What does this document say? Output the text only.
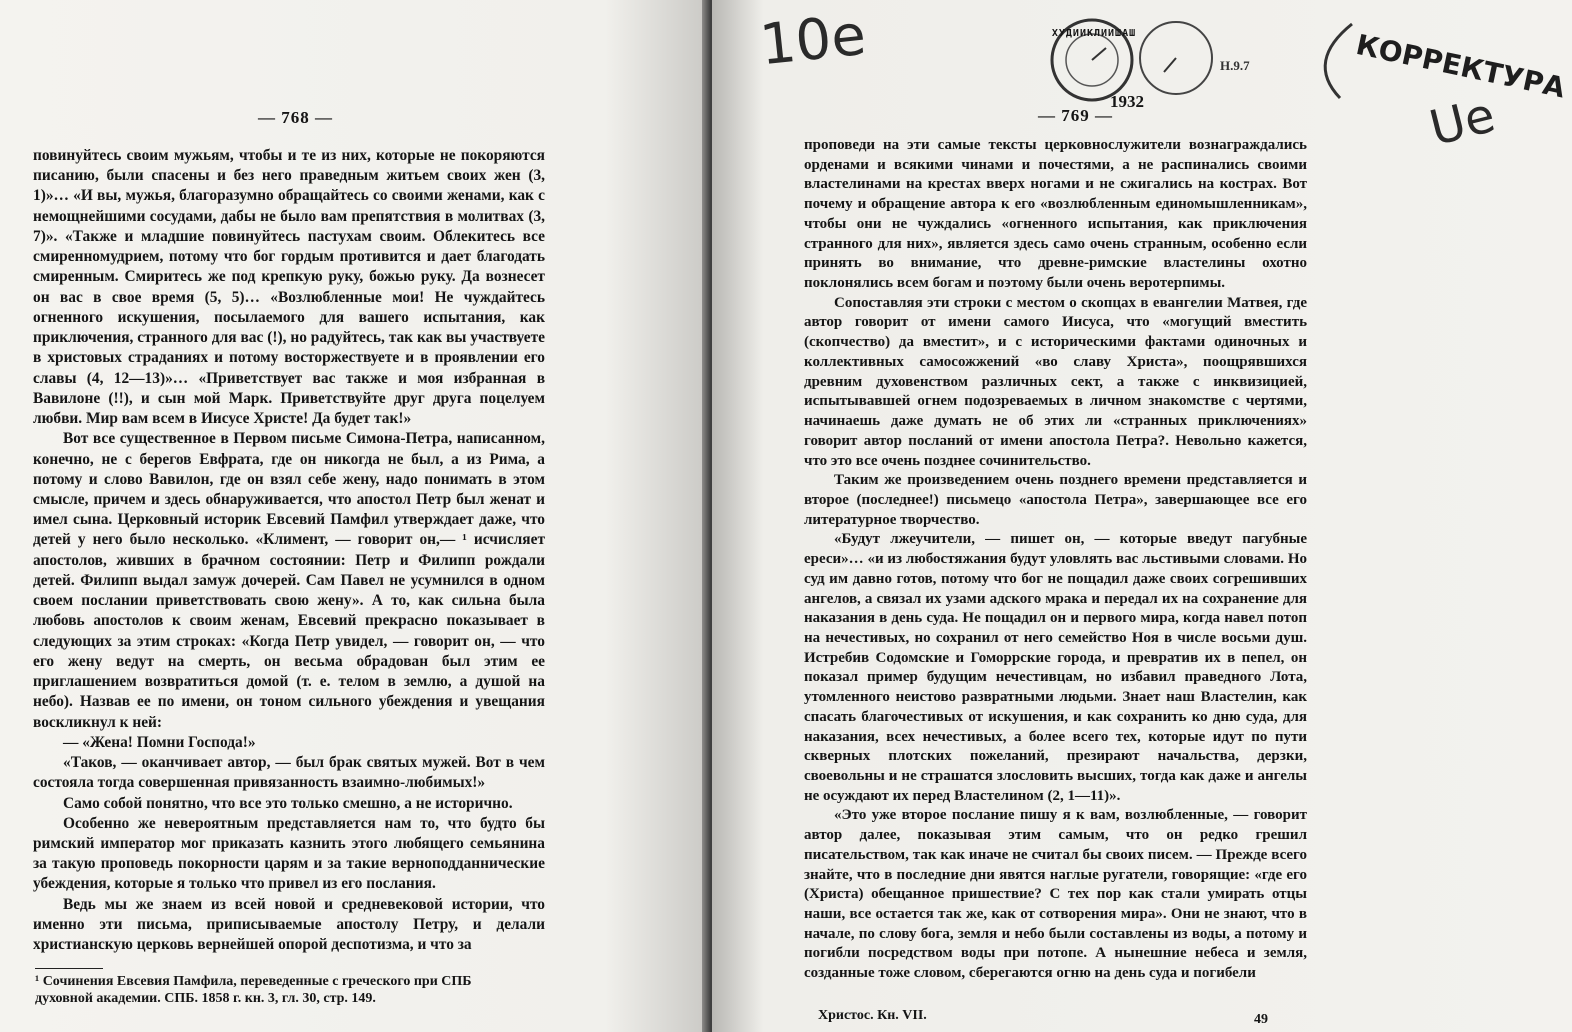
— 768 —

повинуйтесь своим мужьям, чтобы и те из них, которые не покоряются писанию, были спасены и без него праведным житьем своих жен (3, 1)»… «И вы, мужья, благоразумно обращайтесь со своими женами, как с немощнейшими сосудами, дабы не было вам препятствия в молитвах (3, 7)». «Также и младшие повинуйтесь пастухам своим. Облекитесь все смиренномудрием, потому что бог гордым противится и дает благодать смиренным. Смиритесь же под крепкую руку, божью руку. Да вознесет он вас в свое время (5, 5)… «Возлюбленные мои! Не чуждайтесь огненного искушения, посылаемого для вашего испытания, как приключения, странного для вас (!), но радуйтесь, так как вы участвуете в христовых страданиях и потому восторжествуете и в проявлении его славы (4, 12—13)»… «Приветствует вас также и моя избранная в Вавилоне (!!), и сын мой Марк. Приветствуйте друг друга поцелуем любви. Мир вам всем в Иисусе Христе! Да будет так!»

Вот все существенное в Первом письме Симона-Петра, написанном, конечно, не с берегов Евфрата, где он никогда не был, а из Рима, а потому и слово Вавилон, где он взял себе жену, надо понимать в этом смысле, причем и здесь обнаруживается, что апостол Петр был женат и имел сына. Церковный историк Евсевий Памфил утверждает даже, что детей у него было несколько. «Климент, — говорит он,— ¹ исчисляет апостолов, живших в брачном состоянии: Петр и Филипп рождали детей. Филипп выдал замуж дочерей. Сам Павел не усумнился в одном своем послании приветствовать свою жену». А то, как сильна была любовь апостолов к своим женам, Евсевий прекрасно показывает в следующих за этим строках: «Когда Петр увидел, — говорит он, — что его жену ведут на смерть, он весьма обрадован был этим ее приглашением возвратиться домой (т. е. телом в землю, а душой на небо). Назвав ее по имени, он тоном сильного убеждения и увещания воскликнул к ней:

— «Жена! Помни Господа!»

«Таков, — оканчивает автор, — был брак святых мужей. Вот в чем состояла тогда совершенная привязанность взаимно-любимых!»

Само собой понятно, что все это только смешно, а не исторично.

Особенно же невероятным представляется нам то, что будто бы римский император мог приказать казнить этого любящего семьянина за такую проповедь покорности царям и за такие верноподданнические убеждения, которые я только что привел из его послания.

Ведь мы же знаем из всей новой и средневековой истории, что именно эти письма, приписываемые апостолу Петру, и делали христианскую церковь вернейшей опорой деспотизма, и что за

¹ Сочинения Евсевия Памфила, переведенные с греческого при СПБ духовной академии. СПБ. 1858 г. кн. 3, гл. 30, стр. 149.
— 769 —
10e
Ue
ХУДИИКЛИИШАШ
1932
Н.9.7	КОРРЕКТУРА

проповеди на эти самые тексты церковнослужители вознаграждались орденами и всякими чинами и почестями, а не распинались своими властелинами на крестах вверх ногами и не сжигались на кострах. Вот почему и обращение автора к его «возлюбленным единомышленникам», чтобы они не чуждались «огненного испытания, как приключения странного для них», является здесь само очень странным, особенно если принять во внимание, что древне-римские властелины охотно поклонялись всем богам и поэтому были очень веротерпимы.

Сопоставляя эти строки с местом о скопцах в евангелии Матвея, где автор говорит от имени самого Иисуса, что «могущий вместить (скопчество) да вместит», и с историческими фактами одиночных и коллективных самосожжений «во славу Христа», поощрявшихся древним духовенством различных сект, а также с инквизицией, испытывавшей огнем подозреваемых в личном знакомстве с чертями, начинаешь даже думать не об этих ли «странных приключениях» говорит автор посланий от имени апостола Петра?. Невольно кажется, что это все очень позднее сочинительство.

Таким же произведением очень позднего времени представляется и второе (последнее!) письмецо «апостола Петра», завершающее все его литературное творчество.

«Будут лжеучители, — пишет он, — которые введут пагубные ереси»… «и из любостяжания будут уловлять вас льстивыми словами. Но суд им давно готов, потому что бог не пощадил даже своих согрешивших ангелов, а связал их узами адского мрака и передал их на сохранение для наказания в день суда. Не пощадил он и первого мира, когда навел потоп на нечестивых, но сохранил от него семейство Ноя в числе восьми душ. Истребив Содомские и Гоморрские города, и превратив их в пепел, он показал пример будущим нечестивцам, но избавил праведного Лота, утомленного неистово развратными людьми. Знает наш Властелин, как спасать благочестивых от искушения, и как сохранить ко дню суда, для наказания, всех нечестивых, а более всего тех, которые идут по пути скверных плотских пожеланий, презирают начальства, дерзки, своевольны и не страшатся злословить высших, тогда как даже и ангелы не осуждают их перед Властелином (2, 1—11)».

«Это уже второе послание пишу я к вам, возлюбленные, — говорит автор далее, показывая этим самым, что он редко грешил писательством, так как иначе не считал бы своих писем. — Прежде всего знайте, что в последние дни явятся наглые ругатели, говорящие: «где его (Христа) обещанное пришествие? С тех пор как стали умирать отцы наши, все остается так же, как от сотворения мира». Они не знают, что в начале, по слову бога, земля и небо были составлены из воды, а потому и погибли посредством воды при потопе. А нынешние небеса и земля, созданные тоже словом, сберегаются огню на день суда и погибели

Христос. Кн. VII.	49
